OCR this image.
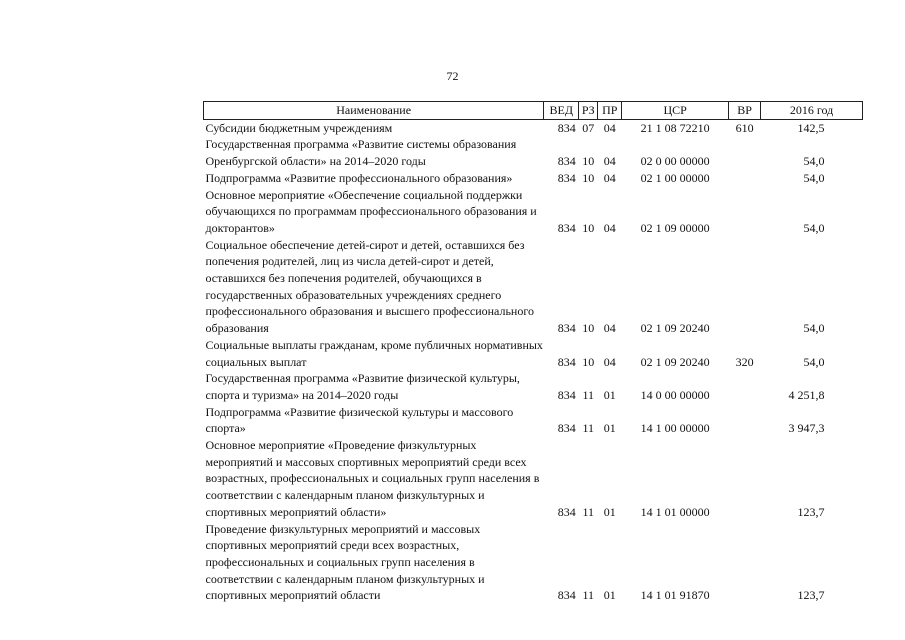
72
Наименование	ВЕД	РЗ	ПР	ЦСР	ВР	2016 год
Субсидии бюджетным учреждениям	834	07	04	21 1 08 72210	610	142,5
Государственная программа «Развитие системы образования Оренбургской области» на 2014–2020 годы	834	10	04	02 0 00 00000		54,0
Подпрограмма «Развитие профессионального образования»	834	10	04	02 1 00 00000		54,0
Основное мероприятие «Обеспечение социальной поддержки обучающихся по программам профессионального образования и докторантов»	834	10	04	02 1 09 00000		54,0
Социальное обеспечение детей-сирот и детей, оставшихся без попечения родителей, лиц из числа детей-сирот и детей, оставшихся без попечения родителей, обучающихся в государственных образовательных учреждениях среднего профессионального образования и высшего профессионального образования	834	10	04	02 1 09 20240		54,0
Социальные выплаты гражданам, кроме публичных нормативных социальных выплат	834	10	04	02 1 09 20240	320	54,0
Государственная программа «Развитие физической культуры, спорта и туризма» на 2014–2020 годы	834	11	01	14 0 00 00000		4 251,8
Подпрограмма «Развитие физической культуры и массового спорта»	834	11	01	14 1 00 00000		3 947,3
Основное мероприятие «Проведение физкультурных мероприятий и массовых спортивных мероприятий среди всех возрастных, профессиональных и социальных групп населения в соответствии с календарным планом физкультурных и спортивных мероприятий области»	834	11	01	14 1 01 00000		123,7
Проведение физкультурных мероприятий и массовых спортивных мероприятий среди всех возрастных, профессиональных и социальных групп населения в соответствии с календарным планом физкультурных и спортивных мероприятий области	834	11	01	14 1 01 91870		123,7
